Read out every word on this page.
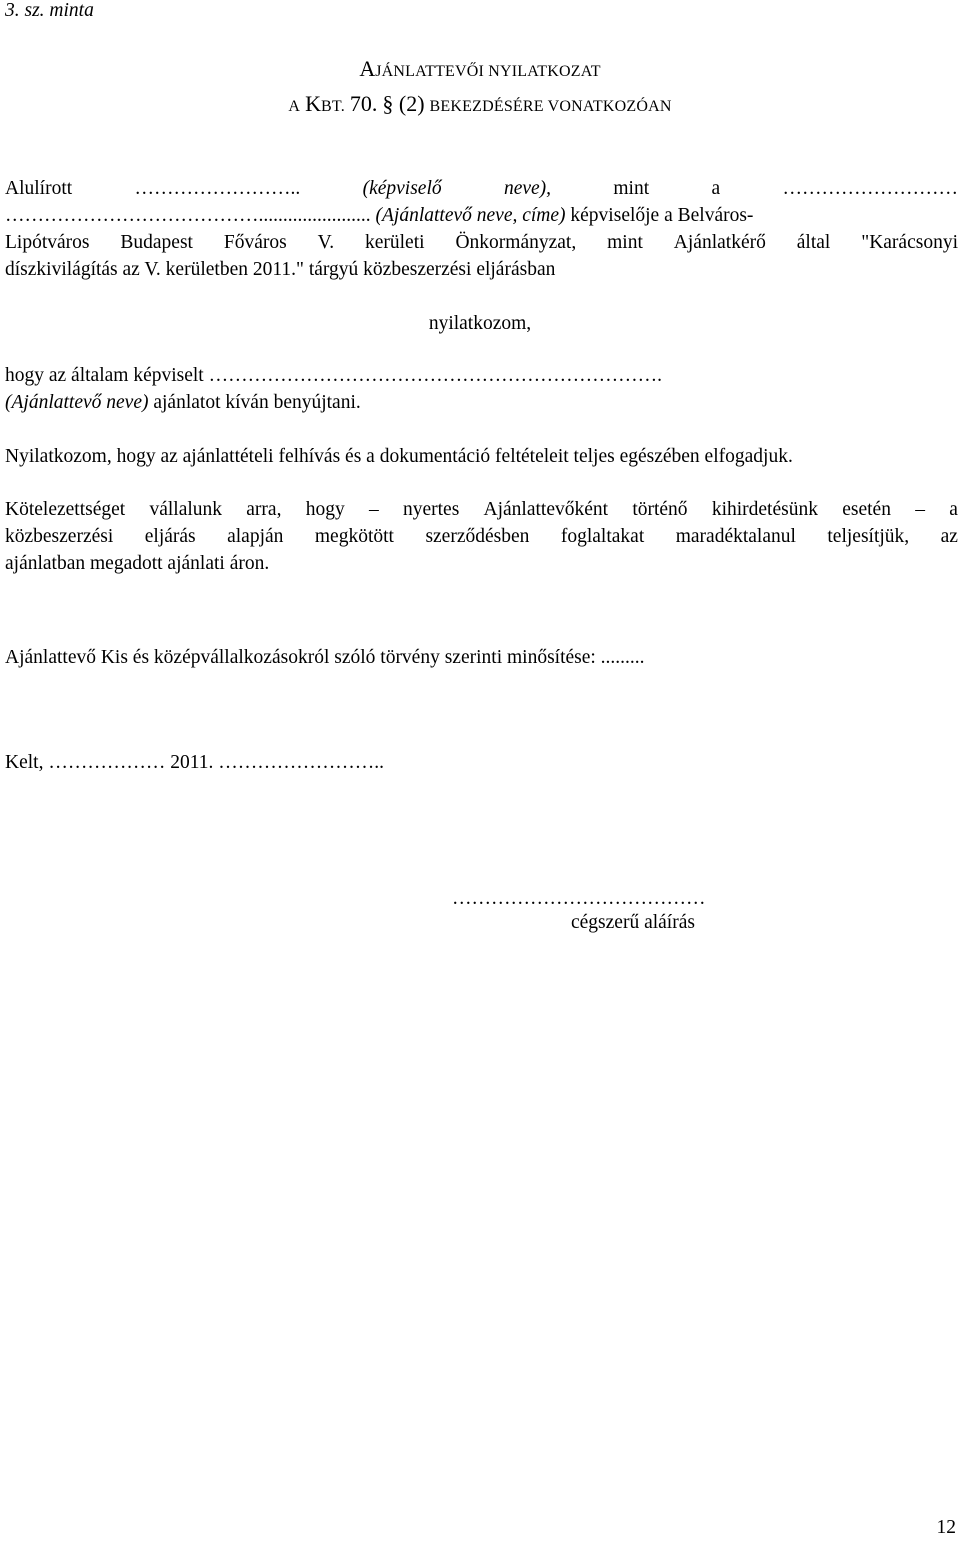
3. sz. minta
AJÁNLATTEVŐI NYILATKOZAT
A KBT. 70. § (2) BEKEZDÉSÉRE VONATKOZÓAN
Alulírott	……………………..	(képviselő	neve),	mint	a	………………………
…………………………………....................... (Ajánlattevő neve, címe) képviselője a Belváros-
Lipótváros Budapest Főváros V. kerületi Önkormányzat, mint Ajánlatkérő által "Karácsonyi
díszkivilágítás az V. kerületben 2011." tárgyú közbeszerzési eljárásban
nyilatkozom,
hogy az általam képviselt …………………………………………………………….
(Ajánlattevő neve) ajánlatot kíván benyújtani.
Nyilatkozom, hogy az ajánlattételi felhívás és a dokumentáció feltételeit teljes egészében elfogadjuk.
Kötelezettséget vállalunk arra, hogy – nyertes Ajánlattevőként történő kihirdetésünk esetén – a
közbeszerzési eljárás alapján megkötött szerződésben foglaltakat maradéktalanul teljesítjük, az
ajánlatban megadott ajánlati áron.
Ajánlattevő Kis és középvállalkozásokról szóló törvény szerinti minősítése: .........
Kelt, ……………… 2011. ……………………..
…………………………………
cégszerű aláírás
12
